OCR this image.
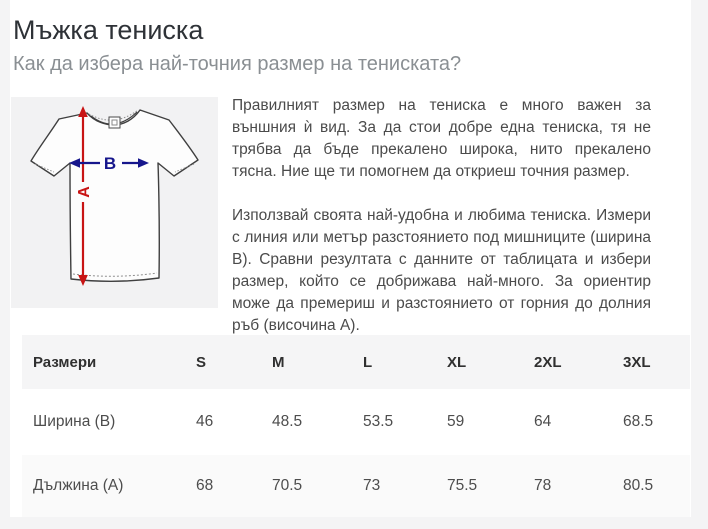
Мъжка тениска
Как да избера най-точния размер на тениската?
A
B

Правилният размер на тениска е много важен за външния ѝ вид. За да стои добре една тениска, тя не трябва да бъде прекалено широка, нито прекалено тясна. Ние ще ти помогнем да откриеш точния размер.

Използвай своята най-удобна и любима тениска. Измери с линия или метър разстоянието под мишниците (ширина B). Сравни резултата с данните от таблицата и избери размер, който се добрижава най-много. За ориентир може да премериш и разстоянието от горния до долния ръб (височина A).

Размери	S	M	L	XL	2XL	3XL
Ширина (B)	46	48.5	53.5	59	64	68.5
Дължина (A)	68	70.5	73	75.5	78	80.5
